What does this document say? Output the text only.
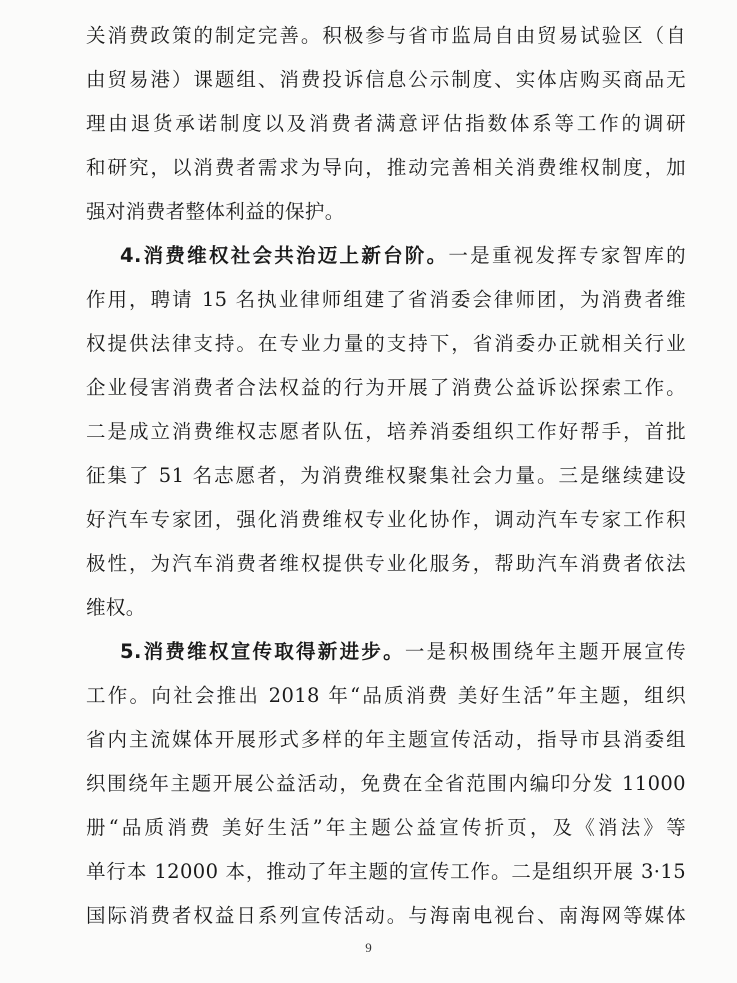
关消费政策的制定完善。积极参与省市监局自由贸易试验区（自
由贸易港）课题组、消费投诉信息公示制度、实体店购买商品无
理由退货承诺制度以及消费者满意评估指数体系等工作的调研
和研究，以消费者需求为导向，推动完善相关消费维权制度，加
强对消费者整体利益的保护。
4.消费维权社会共治迈上新台阶。一是重视发挥专家智库的
作用，聘请 15 名执业律师组建了省消委会律师团，为消费者维
权提供法律支持。在专业力量的支持下，省消委办正就相关行业
企业侵害消费者合法权益的行为开展了消费公益诉讼探索工作。
二是成立消费维权志愿者队伍，培养消委组织工作好帮手，首批
征集了 51 名志愿者，为消费维权聚集社会力量。三是继续建设
好汽车专家团，强化消费维权专业化协作，调动汽车专家工作积
极性，为汽车消费者维权提供专业化服务，帮助汽车消费者依法
维权。
5.消费维权宣传取得新进步。一是积极围绕年主题开展宣传
工作。向社会推出 2018 年“品质消费 美好生活”年主题，组织
省内主流媒体开展形式多样的年主题宣传活动，指导市县消委组
织围绕年主题开展公益活动，免费在全省范围内编印分发 11000
册“品质消费 美好生活”年主题公益宣传折页，及《消法》等
单行本 12000 本，推动了年主题的宣传工作。二是组织开展 3·15
国际消费者权益日系列宣传活动。与海南电视台、南海网等媒体
9
